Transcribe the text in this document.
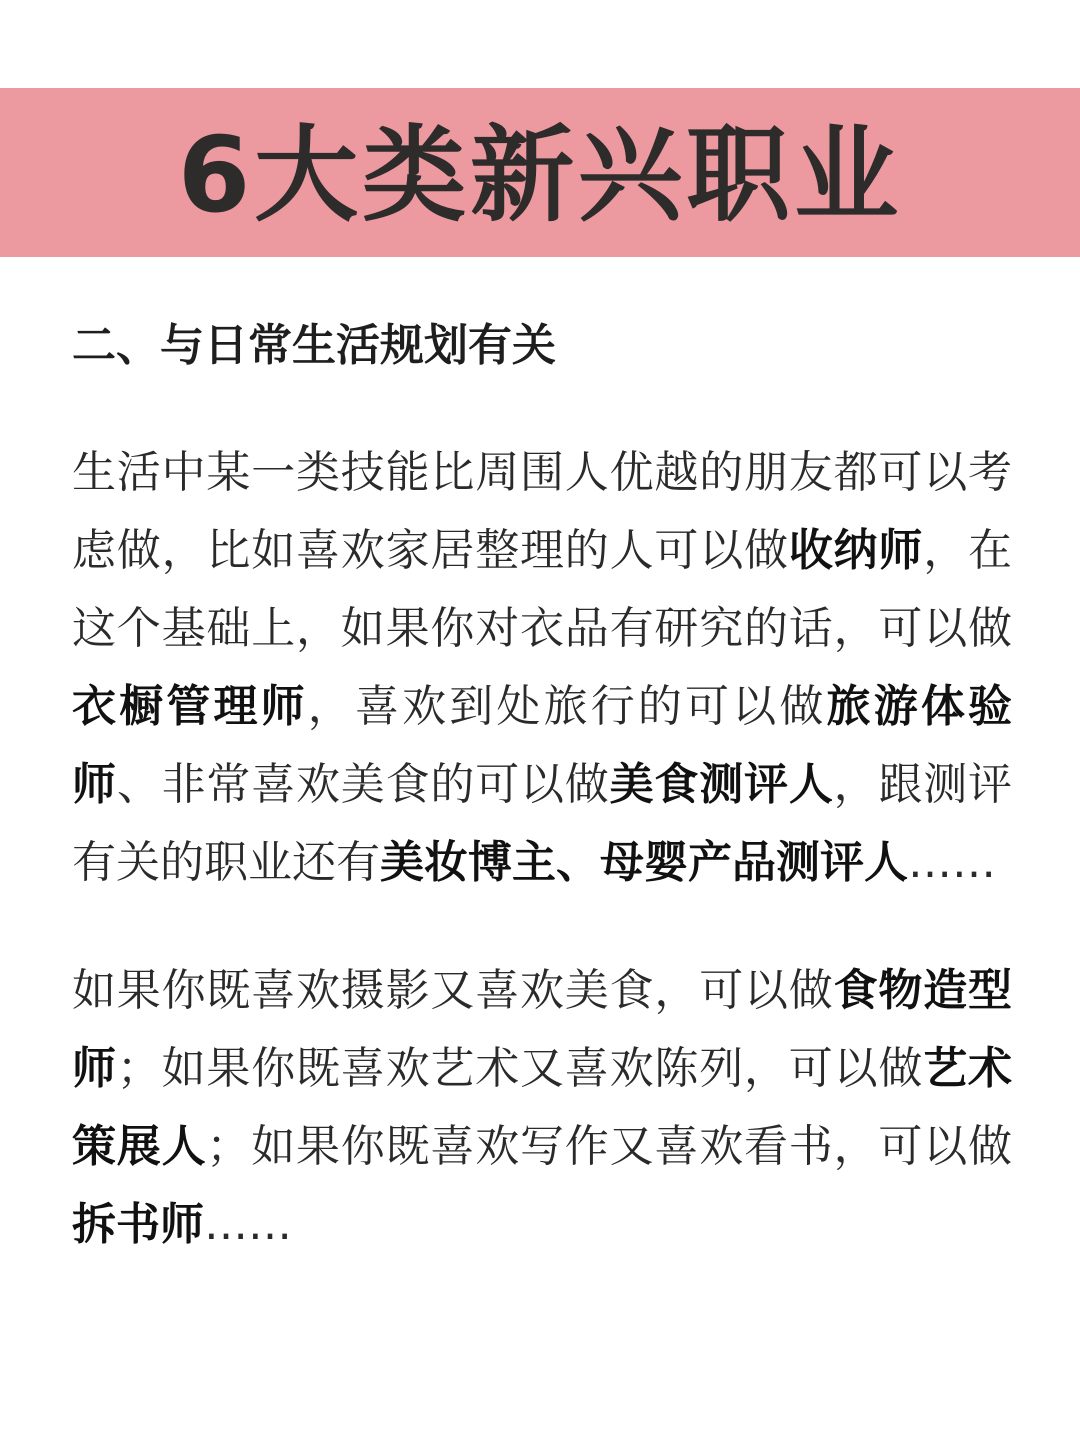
6大类新兴职业
二、与日常生活规划有关

生活中某一类技能比周围人优越的朋友都可以考虑做，比如喜欢家居整理的人可以做收纳师，在这个基础上，如果你对衣品有研究的话，可以做衣橱管理师，喜欢到处旅行的可以做旅游体验师、非常喜欢美食的可以做美食测评人，跟测评有关的职业还有美妆博主、母婴产品测评人……

如果你既喜欢摄影又喜欢美食，可以做食物造型师；如果你既喜欢艺术又喜欢陈列，可以做艺术策展人；如果你既喜欢写作又喜欢看书，可以做拆书师……
